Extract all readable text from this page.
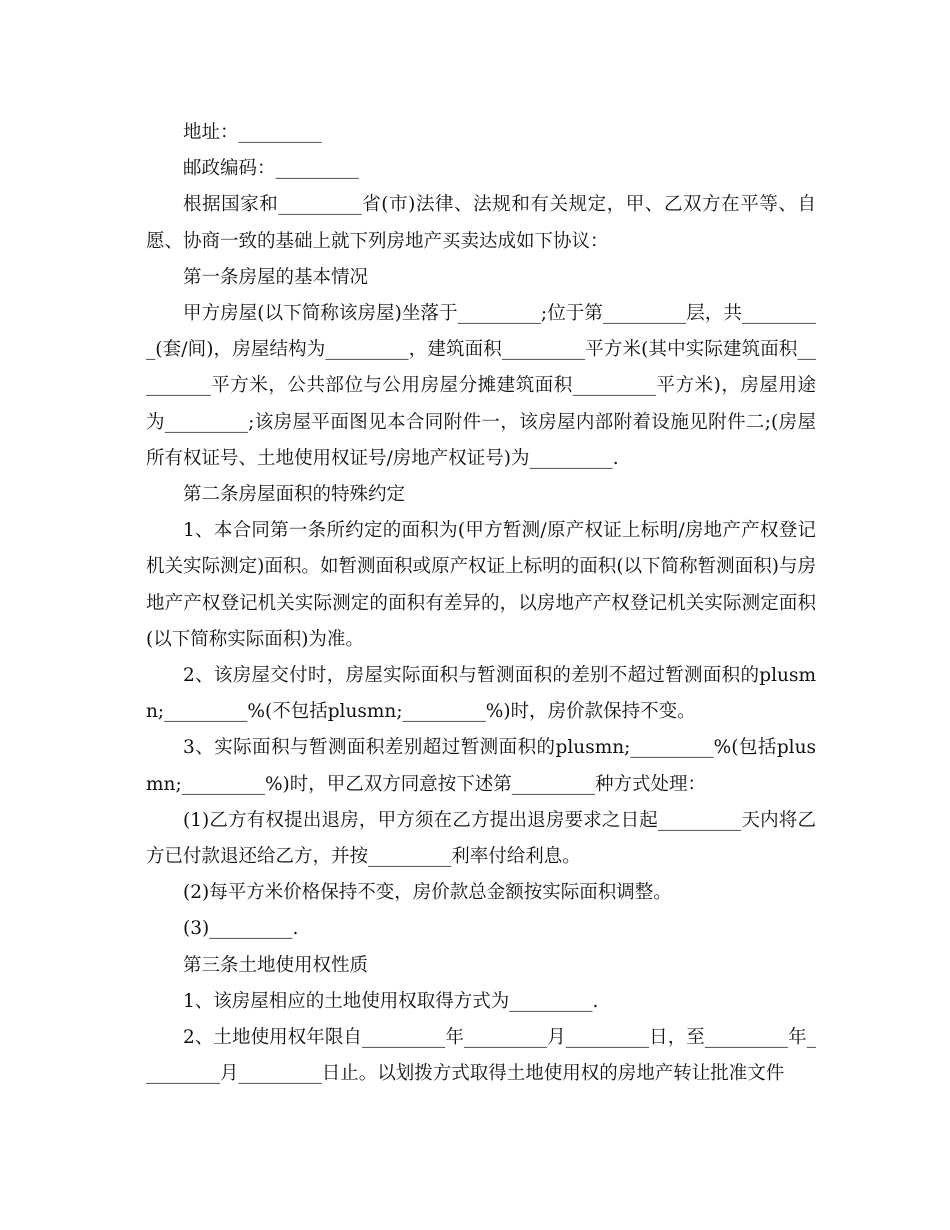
地址：_________

邮政编码：_________

根据国家和_________省(市)法律、法规和有关规定，甲、乙双方在平等、自愿、协商一致的基础上就下列房地产买卖达成如下协议：

第一条房屋的基本情况

甲方房屋(以下简称该房屋)坐落于_________;位于第_________层，共_________(套/间)，房屋结构为_________，建筑面积_________平方米(其中实际建筑面积_________平方米，公共部位与公用房屋分摊建筑面积_________平方米)，房屋用途为_________;该房屋平面图见本合同附件一，该房屋内部附着设施见附件二;(房屋所有权证号、土地使用权证号/房地产权证号)为_________.

第二条房屋面积的特殊约定

1、本合同第一条所约定的面积为(甲方暂测/原产权证上标明/房地产产权登记机关实际测定)面积。如暂测面积或原产权证上标明的面积(以下简称暂测面积)与房地产产权登记机关实际测定的面积有差异的，以房地产产权登记机关实际测定面积(以下简称实际面积)为准。

2、该房屋交付时，房屋实际面积与暂测面积的差别不超过暂测面积的plusmn;_________%(不包括plusmn;_________%)时，房价款保持不变。

3、实际面积与暂测面积差别超过暂测面积的plusmn;_________%(包括plusmn;_________%)时，甲乙双方同意按下述第_________种方式处理：

(1)乙方有权提出退房，甲方须在乙方提出退房要求之日起_________天内将乙方已付款退还给乙方，并按_________利率付给利息。

(2)每平方米价格保持不变，房价款总金额按实际面积调整。

(3)_________.

第三条土地使用权性质

1、该房屋相应的土地使用权取得方式为_________.

2、土地使用权年限自_________年_________月_________日，至_________年_________月_________日止。以划拨方式取得土地使用权的房地产转让批准文件
